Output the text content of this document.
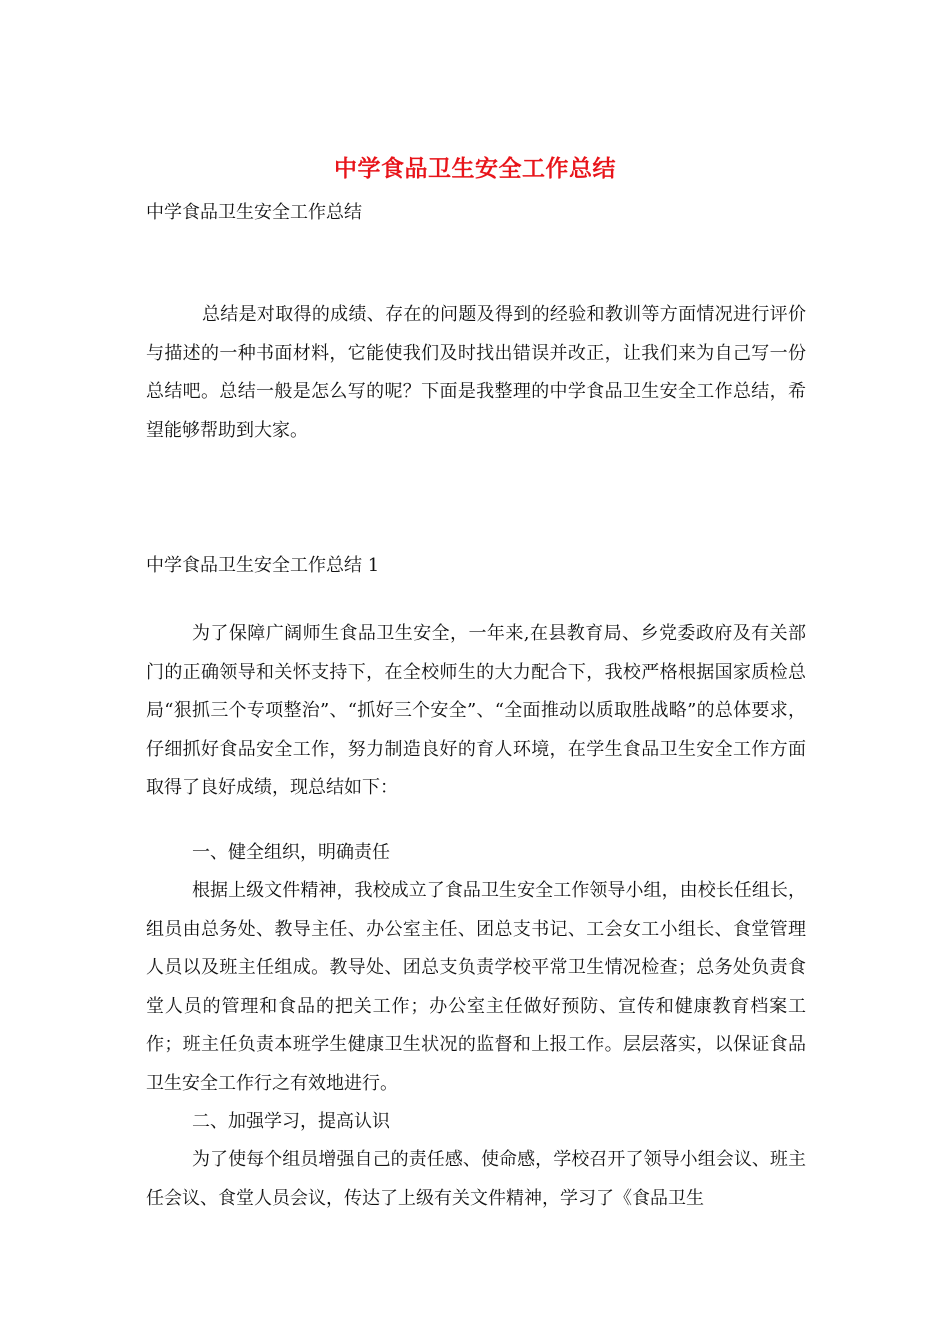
中学食品卫生安全工作总结
中学食品卫生安全工作总结

总结是对取得的成绩、存在的问题及得到的经验和教训等方面情况进行评价与描述的一种书面材料，它能使我们及时找出错误并改正，让我们来为自己写一份总结吧。总结一般是怎么写的呢？下面是我整理的中学食品卫生安全工作总结，希望能够帮助到大家。

中学食品卫生安全工作总结 1

为了保障广阔师生食品卫生安全，一年来,在县教育局、乡党委政府及有关部门的正确领导和关怀支持下，在全校师生的大力配合下，我校严格根据国家质检总局“狠抓三个专项整治”、“抓好三个安全”、“全面推动以质取胜战略”的总体要求，仔细抓好食品安全工作，努力制造良好的育人环境，在学生食品卫生安全工作方面取得了良好成绩，现总结如下：

一、健全组织，明确责任

根据上级文件精神，我校成立了食品卫生安全工作领导小组，由校长任组长，组员由总务处、教导主任、办公室主任、团总支书记、工会女工小组长、食堂管理人员以及班主任组成。教导处、团总支负责学校平常卫生情况检查；总务处负责食堂人员的管理和食品的把关工作；办公室主任做好预防、宣传和健康教育档案工作；班主任负责本班学生健康卫生状况的监督和上报工作。层层落实，以保证食品卫生安全工作行之有效地进行。

二、加强学习，提高认识

为了使每个组员增强自己的责任感、使命感，学校召开了领导小组会议、班主任会议、食堂人员会议，传达了上级有关文件精神，学习了《食品卫生
